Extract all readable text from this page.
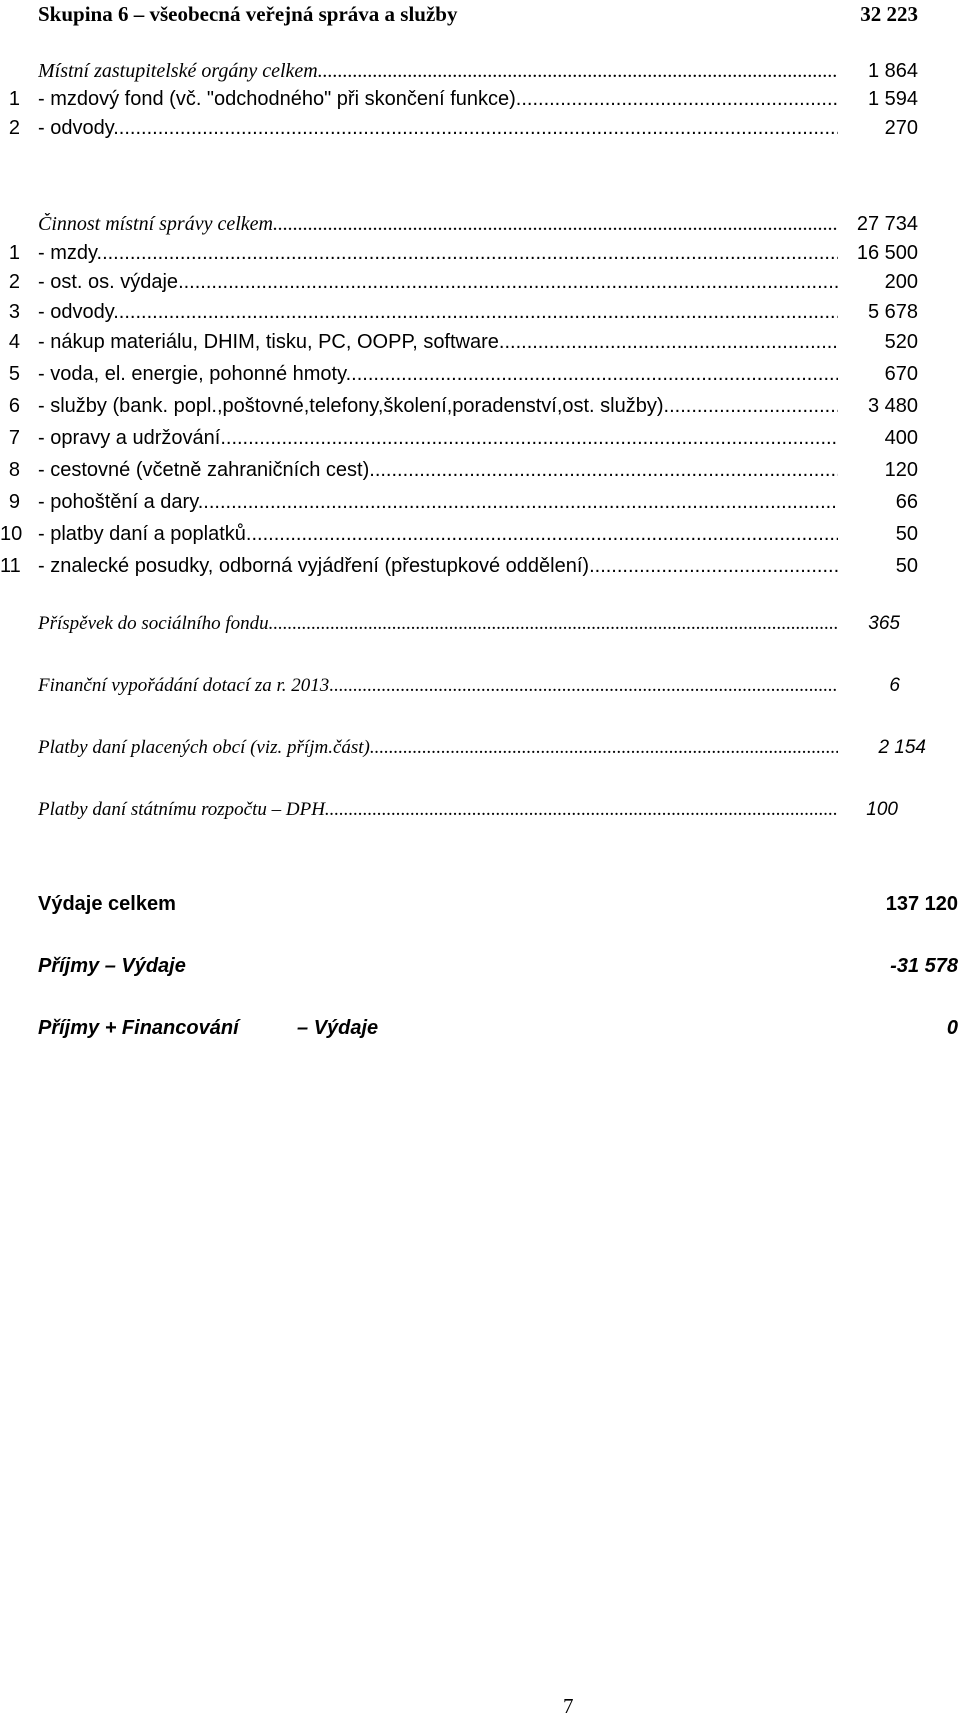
Skupina 6 – všeobecná veřejná správa a služby	32 223
Místní zastupitelské orgány celkem .....	1 864
1 - mzdový fond (vč. "odchodného" při skončení funkce) .....	1 594
2 - odvody .....	270
Činnost místní správy celkem .....	27 734
1 - mzdy .....	16 500
2 - ost. os. výdaje .....	200
3 - odvody .....	5 678
4 - nákup materiálu, DHIM, tisku, PC, OOPP, software .....	520
5 - voda, el. energie, pohonné hmoty .....	670
6 - služby (bank. popl.,poštovné,telefony,školení,poradenství,ost. služby) .....	3 480
7 - opravy a udržování .....	400
8 - cestovné (včetně zahraničních cest) .....	120
9 - pohoštění a dary .....	66
10 - platby daní a poplatků .....	50
11 - znalecké posudky, odborná vyjádření (přestupkové oddělení) .....	50
Příspěvek do sociálního fondu .....	365
Finanční vypořádání dotací za r. 2013 .....	6
Platby daní placených obcí (viz. příjm.část) .....	2 154
Platby daní státnímu rozpočtu – DPH .....	100
Výdaje celkem	137 120
Příjmy – Výdaje	-31 578
Příjmy + Financování	– Výdaje	0
7
